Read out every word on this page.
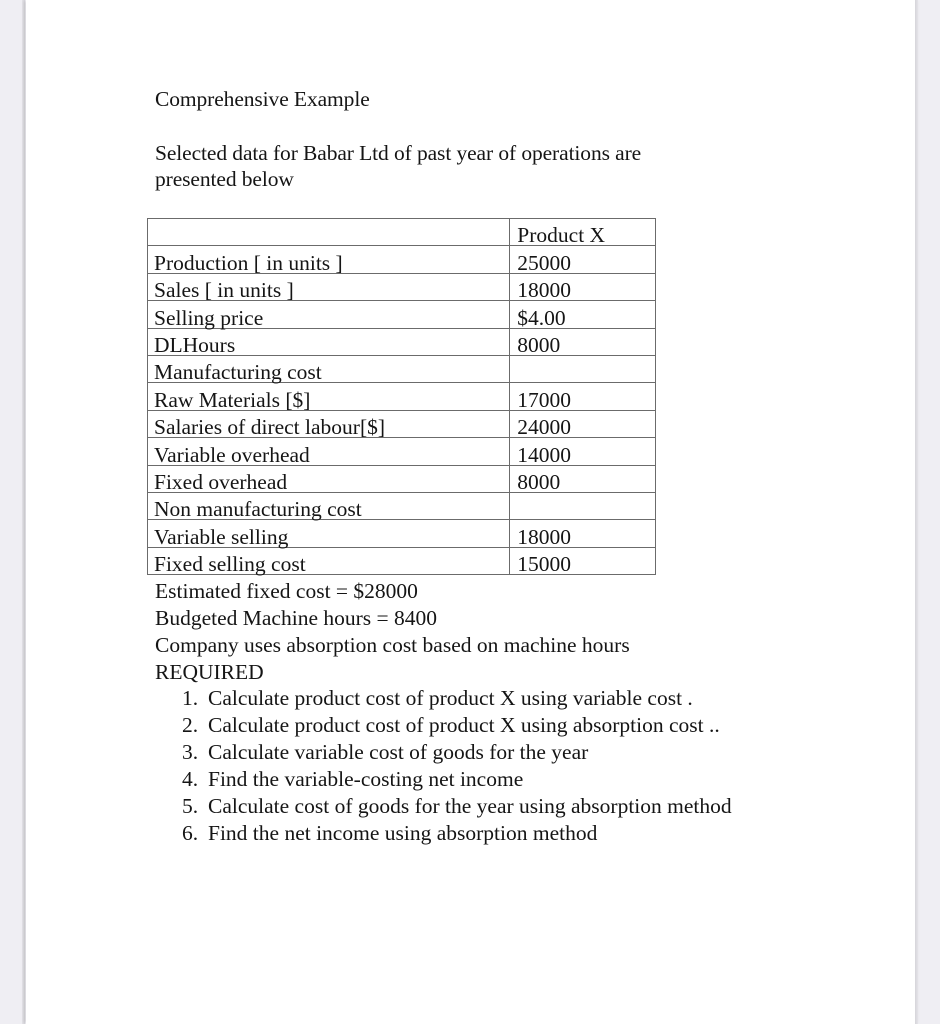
Comprehensive Example
Selected data for Babar Ltd of past year of operations are presented below
	Product X
Production [ in units ]	25000
Sales [ in units ]	18000
Selling price	$4.00
DLHours	8000
Manufacturing cost	
Raw Materials [$]	17000
Salaries of direct labour[$]	24000
Variable overhead	14000
Fixed overhead	8000
Non manufacturing cost	
Variable selling	18000
Fixed selling cost	15000
Estimated fixed cost = $28000
Budgeted Machine hours = 8400
Company uses absorption cost based on machine hours
REQUIRED
1. Calculate product cost of product X using variable cost .
2. Calculate product cost of product X using absorption cost ..
3. Calculate variable cost of goods for the year
4. Find the variable-costing net income
5. Calculate cost of goods for the year using absorption method
6. Find the net income using absorption method
